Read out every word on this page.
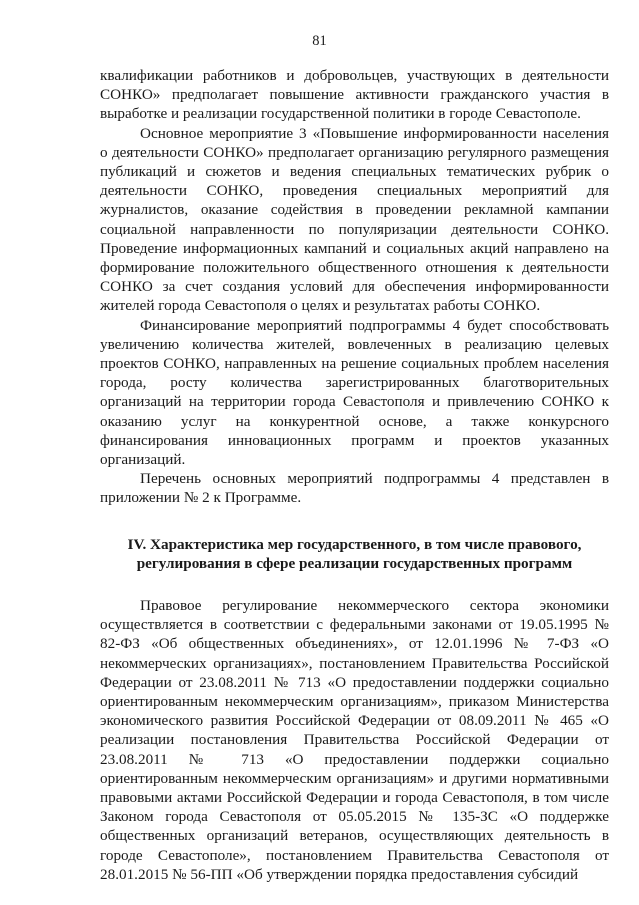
81

квалификации работников и добровольцев, участвующих в деятельности СОНКО» предполагает повышение активности гражданского участия в выработке и реализации государственной политики в городе Севастополе.

Основное мероприятие 3 «Повышение информированности населения о деятельности СОНКО» предполагает организацию регулярного размещения публикаций и сюжетов и ведения специальных тематических рубрик о деятельности СОНКО, проведения специальных мероприятий для журналистов, оказание содействия в проведении рекламной кампании социальной направленности по популяризации деятельности СОНКО. Проведение информационных кампаний и социальных акций направлено на формирование положительного общественного отношения к деятельности СОНКО за счет создания условий для обеспечения информированности жителей города Севастополя о целях и результатах работы СОНКО.

Финансирование мероприятий подпрограммы 4 будет способствовать увеличению количества жителей, вовлеченных в реализацию целевых проектов СОНКО, направленных на решение социальных проблем населения города, росту количества зарегистрированных благотворительных организаций на территории города Севастополя и привлечению СОНКО к оказанию услуг на конкурентной основе, а также конкурсного финансирования инновационных программ и проектов указанных организаций.

Перечень основных мероприятий подпрограммы 4 представлен в приложении № 2 к Программе.

IV. Характеристика мер государственного, в том числе правового, регулирования в сфере реализации государственных программ

Правовое регулирование некоммерческого сектора экономики осуществляется в соответствии с федеральными законами от 19.05.1995 № 82-ФЗ «Об общественных объединениях», от 12.01.1996 № 7-ФЗ «О некоммерческих организациях», постановлением Правительства Российской Федерации от 23.08.2011 № 713 «О предоставлении поддержки социально ориентированным некоммерческим организациям», приказом Министерства экономического развития Российской Федерации от 08.09.2011 № 465 «О реализации постановления Правительства Российской Федерации от 23.08.2011 № 713 «О предоставлении поддержки социально ориентированным некоммерческим организациям» и другими нормативными правовыми актами Российской Федерации и города Севастополя, в том числе Законом города Севастополя от 05.05.2015 № 135-ЗС «О поддержке общественных организаций ветеранов, осуществляющих деятельность в городе Севастополе», постановлением Правительства Севастополя от 28.01.2015 № 56-ПП «Об утверждении порядка предоставления субсидий
